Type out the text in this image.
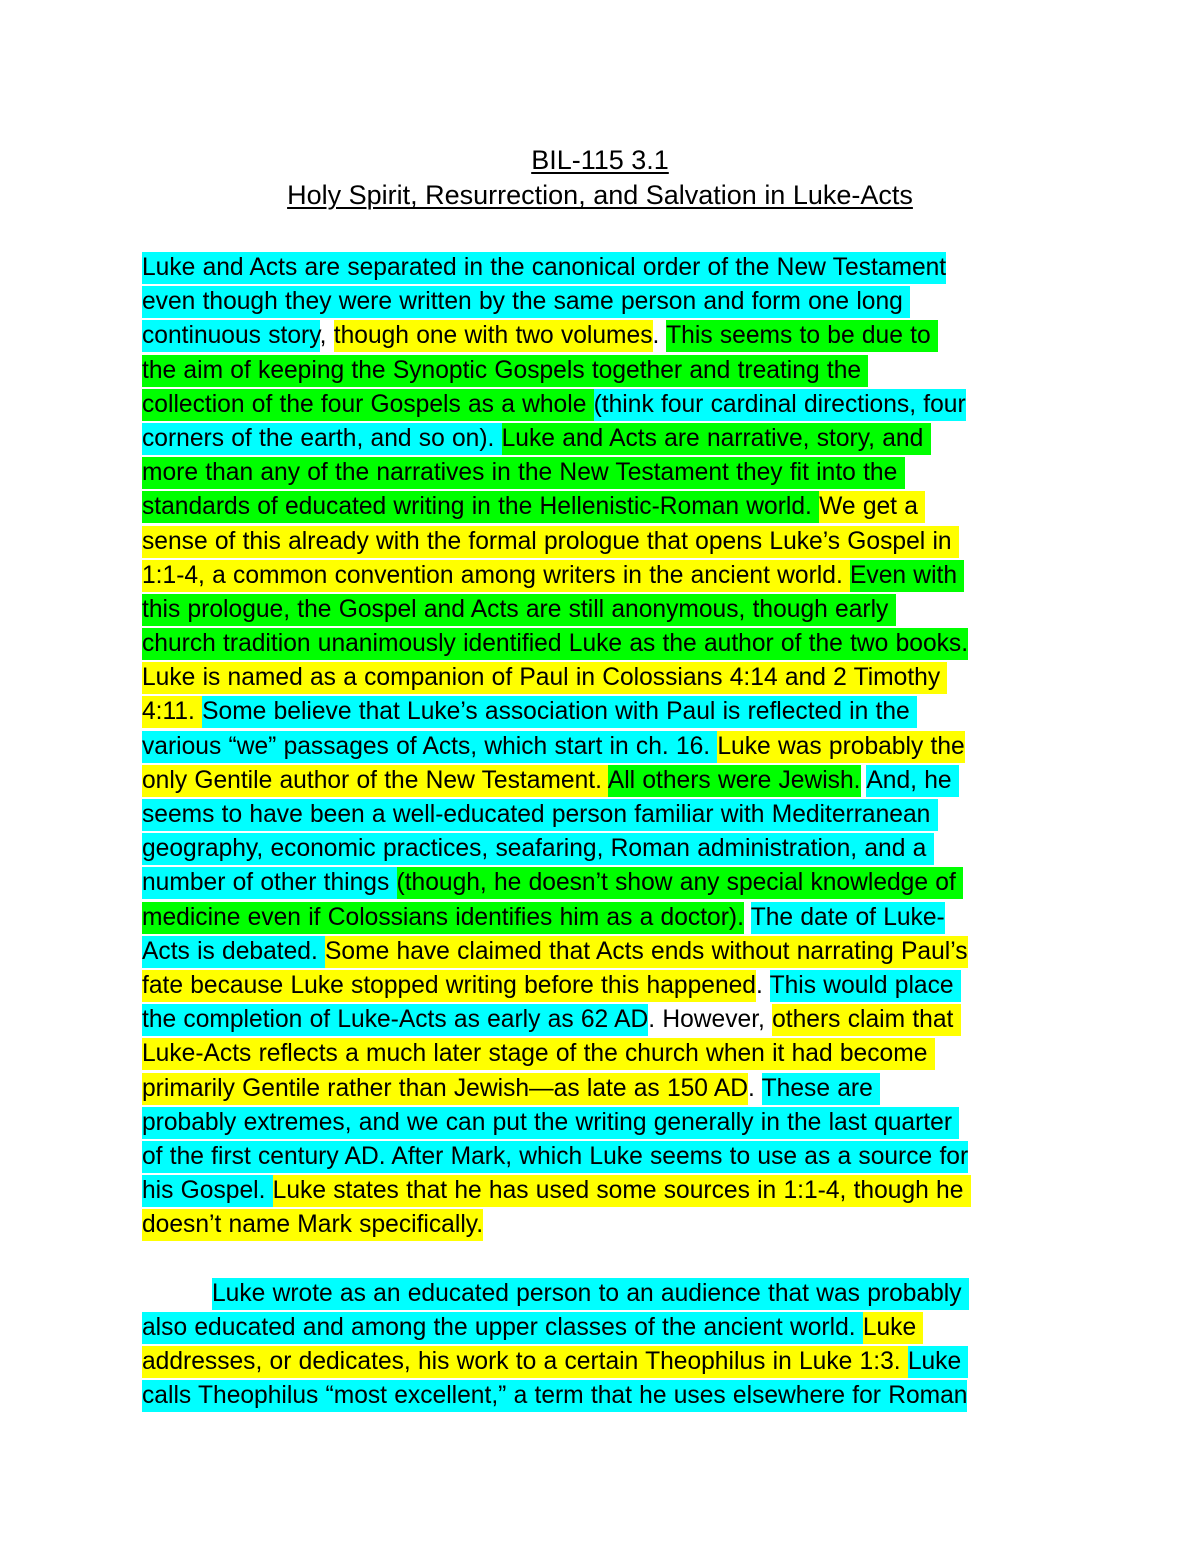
BIL-115 3.1
Holy Spirit, Resurrection, and Salvation in Luke-Acts
Luke and Acts are separated in the canonical order of the New Testament
even though they were written by the same person and form one long
continuous story, though one with two volumes. This seems to be due to
the aim of keeping the Synoptic Gospels together and treating the
collection of the four Gospels as a whole (think four cardinal directions, four
corners of the earth, and so on). Luke and Acts are narrative, story, and
more than any of the narratives in the New Testament they fit into the
standards of educated writing in the Hellenistic-Roman world. We get a
sense of this already with the formal prologue that opens Luke’s Gospel in
1:1-4, a common convention among writers in the ancient world. Even with
this prologue, the Gospel and Acts are still anonymous, though early
church tradition unanimously identified Luke as the author of the two books.
Luke is named as a companion of Paul in Colossians 4:14 and 2 Timothy
4:11. Some believe that Luke’s association with Paul is reflected in the
various “we” passages of Acts, which start in ch. 16. Luke was probably the
only Gentile author of the New Testament. All others were Jewish. And, he
seems to have been a well-educated person familiar with Mediterranean
geography, economic practices, seafaring, Roman administration, and a
number of other things (though, he doesn’t show any special knowledge of
medicine even if Colossians identifies him as a doctor). The date of Luke-
Acts is debated. Some have claimed that Acts ends without narrating Paul’s
fate because Luke stopped writing before this happened. This would place
the completion of Luke-Acts as early as 62 AD. However, others claim that
Luke-Acts reflects a much later stage of the church when it had become
primarily Gentile rather than Jewish—as late as 150 AD. These are
probably extremes, and we can put the writing generally in the last quarter
of the first century AD. After Mark, which Luke seems to use as a source for
his Gospel. Luke states that he has used some sources in 1:1-4, though he
doesn’t name Mark specifically.
Luke wrote as an educated person to an audience that was probably
also educated and among the upper classes of the ancient world. Luke
addresses, or dedicates, his work to a certain Theophilus in Luke 1:3. Luke
calls Theophilus “most excellent,” a term that he uses elsewhere for Roman
